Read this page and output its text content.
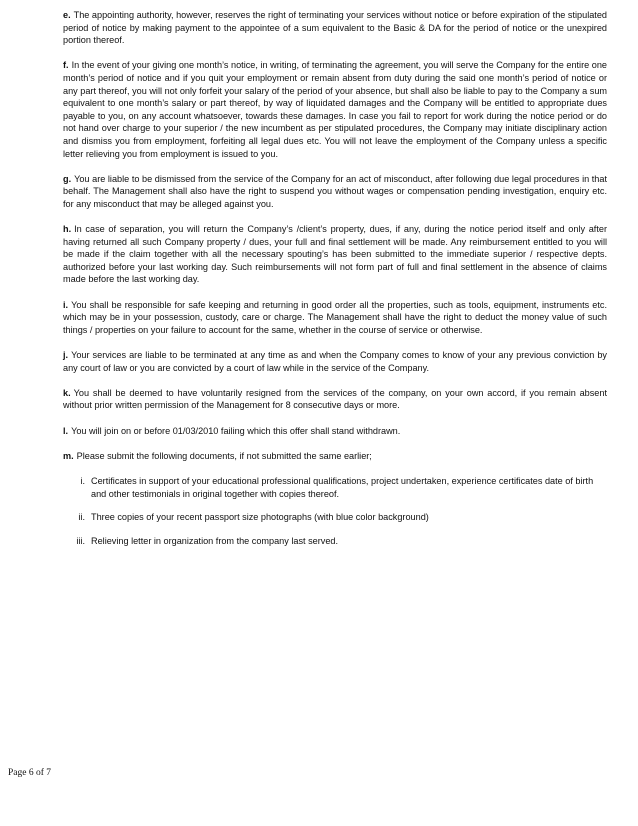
e. The appointing authority, however, reserves the right of terminating your services without notice or before expiration of the stipulated period of notice by making payment to the appointee of a sum equivalent to the Basic & DA for the period of notice or the unexpired portion thereof.

f. In the event of your giving one month’s notice, in writing, of terminating the agreement, you will serve the Company for the entire one month’s period of notice and if you quit your employment or remain absent from duty during the said one month’s period of notice or any part thereof, you will not only forfeit your salary of the period of your absence, but shall also be liable to pay to the Company a sum equivalent to one month’s salary or part thereof, by way of liquidated damages and the Company will be entitled to appropriate dues payable to you, on any account whatsoever, towards these damages. In case you fail to report for work during the notice period or do not hand over charge to your superior / the new incumbent as per stipulated procedures, the Company may initiate disciplinary action and dismiss you from employment, forfeiting all legal dues etc. You will not leave the employment of the Company unless a specific letter relieving you from employment is issued to you.

g. You are liable to be dismissed from the service of the Company for an act of misconduct, after following due legal procedures in that behalf. The Management shall also have the right to suspend you without wages or compensation pending investigation, enquiry etc. for any misconduct that may be alleged against you.

h. In case of separation, you will return the Company’s /client’s property, dues, if any, during the notice period itself and only after having returned all such Company property / dues, your full and final settlement will be made. Any reimbursement entitled to you will be made if the claim together with all the necessary spouting’s has been submitted to the immediate superior / respective depts. authorized before your last working day. Such reimbursements will not form part of full and final settlement in the absence of claims made before the last working day.

i. You shall be responsible for safe keeping and returning in good order all the properties, such as tools, equipment, instruments etc. which may be in your possession, custody, care or charge. The Management shall have the right to deduct the money value of such things / properties on your failure to account for the same, whether in the course of service or otherwise.

j. Your services are liable to be terminated at any time as and when the Company comes to know of your any previous conviction by any court of law or you are convicted by a court of law while in the service of the Company.

k. You shall be deemed to have voluntarily resigned from the services of the company, on your own accord, if you remain absent without prior written permission of the Management for 8 consecutive days or more.

l. You will join on or before 01/03/2010 failing which this offer shall stand withdrawn.

m. Please submit the following documents, if not submitted the same earlier;

i. Certificates in support of your educational professional qualifications, project undertaken, experience certificates date of birth and other testimonials in original together with copies thereof.
ii. Three copies of your recent passport size photographs (with blue color background)
iii. Relieving letter in organization from the company last served.
Page 6 of 7
